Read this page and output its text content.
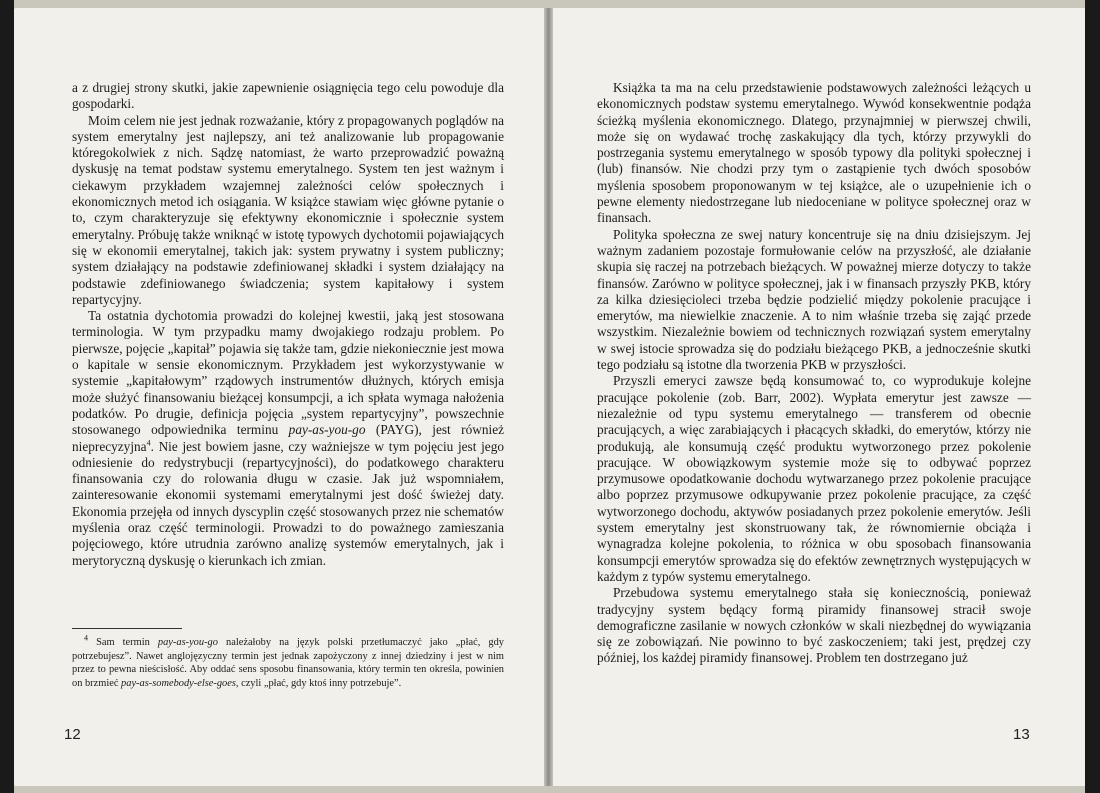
a z drugiej strony skutki, jakie zapewnienie osiągnięcia tego celu powoduje dla gospodarki.

Moim celem nie jest jednak rozważanie, który z propagowanych poglądów na system emerytalny jest najlepszy, ani też analizowanie lub propagowanie któregokolwiek z nich. Sądzę natomiast, że warto przeprowadzić poważną dyskusję na temat podstaw systemu emerytalnego. System ten jest ważnym i ciekawym przykładem wzajemnej zależności celów społecznych i ekonomicznych metod ich osiągania. W książce stawiam więc główne pytanie o to, czym charakteryzuje się efektywny ekonomicznie i społecznie system emerytalny. Próbuję także wniknąć w istotę typowych dychotomii pojawiających się w ekonomii emerytalnej, takich jak: system prywatny i system publiczny; system działający na podstawie zdefiniowanej składki i system działający na podstawie zdefiniowanego świadczenia; system kapitałowy i system repartycyjny.

Ta ostatnia dychotomia prowadzi do kolejnej kwestii, jaką jest stosowana terminologia. W tym przypadku mamy dwojakiego rodzaju problem. Po pierwsze, pojęcie „kapitał” pojawia się także tam, gdzie niekoniecznie jest mowa o kapitale w sensie ekonomicznym. Przykładem jest wykorzystywanie w systemie „kapitałowym” rządowych instrumentów dłużnych, których emisja może służyć finansowaniu bieżącej konsumpcji, a ich spłata wymaga nałożenia podatków. Po drugie, definicja pojęcia „system repartycyjny”, powszechnie stosowanego odpowiednika terminu pay-as-you-go (PAYG), jest również nieprecyzyjna$^4$. Nie jest bowiem jasne, czy ważniejsze w tym pojęciu jest jego odniesienie do redystrybucji (repartycyjności), do podatkowego charakteru finansowania czy do rolowania długu w czasie. Jak już wspomniałem, zainteresowanie ekonomii systemami emerytalnymi jest dość świeżej daty. Ekonomia przejęła od innych dyscyplin część stosowanych przez nie schematów myślenia oraz część terminologii. Prowadzi to do poważnego zamieszania pojęciowego, które utrudnia zarówno analizę systemów emerytalnych, jak i merytoryczną dyskusję o kierunkach ich zmian.

$^4$ Sam termin pay-as-you-go należałoby na język polski przetłumaczyć jako „płać, gdy potrzebujesz”. Nawet anglojęzyczny termin jest jednak zapożyczony z innej dziedziny i jest w nim przez to pewna nieścisłość. Aby oddać sens sposobu finansowania, który termin ten określa, powinien on brzmieć pay-as-somebody-else-goes, czyli „płać, gdy ktoś inny potrzebuje”.

12

Książka ta ma na celu przedstawienie podstawowych zależności leżących u ekonomicznych podstaw systemu emerytalnego. Wywód konsekwentnie podąża ścieżką myślenia ekonomicznego. Dlatego, przynajmniej w pierwszej chwili, może się on wydawać trochę zaskakujący dla tych, którzy przywykli do postrzegania systemu emerytalnego w sposób typowy dla polityki społecznej i (lub) finansów. Nie chodzi przy tym o zastąpienie tych dwóch sposobów myślenia sposobem proponowanym w tej książce, ale o uzupełnienie ich o pewne elementy niedostrzegane lub niedoceniane w polityce społecznej oraz w finansach.

Polityka społeczna ze swej natury koncentruje się na dniu dzisiejszym. Jej ważnym zadaniem pozostaje formułowanie celów na przyszłość, ale działanie skupia się raczej na potrzebach bieżących. W poważnej mierze dotyczy to także finansów. Zarówno w polityce społecznej, jak i w finansach przyszły PKB, który za kilka dziesięcioleci trzeba będzie podzielić między pokolenie pracujące i emerytów, ma niewielkie znaczenie. A to nim właśnie trzeba się zająć przede wszystkim. Niezależnie bowiem od technicznych rozwiązań system emerytalny w swej istocie sprowadza się do podziału bieżącego PKB, a jednocześnie skutki tego podziału są istotne dla tworzenia PKB w przyszłości.

Przyszli emeryci zawsze będą konsumować to, co wyprodukuje kolejne pracujące pokolenie (zob. Barr, 2002). Wypłata emerytur jest zawsze — niezależnie od typu systemu emerytalnego — transferem od obecnie pracujących, a więc zarabiających i płacących składki, do emerytów, którzy nie produkują, ale konsumują część produktu wytworzonego przez pokolenie pracujące. W obowiązkowym systemie może się to odbywać poprzez przymusowe opodatkowanie dochodu wytwarzanego przez pokolenie pracujące albo poprzez przymusowe odkupywanie przez pokolenie pracujące, za część wytworzonego dochodu, aktywów posiadanych przez pokolenie emerytów. Jeśli system emerytalny jest skonstruowany tak, że równomiernie obciąża i wynagradza kolejne pokolenia, to różnica w obu sposobach finansowania konsumpcji emerytów sprowadza się do efektów zewnętrznych występujących w każdym z typów systemu emerytalnego.

Przebudowa systemu emerytalnego stała się koniecznością, ponieważ tradycyjny system będący formą piramidy finansowej stracił swoje demograficzne zasilanie w nowych członków w skali niezbędnej do wywiązania się ze zobowiązań. Nie powinno to być zaskoczeniem; taki jest, prędzej czy później, los każdej piramidy finansowej. Problem ten dostrzegano już

13
